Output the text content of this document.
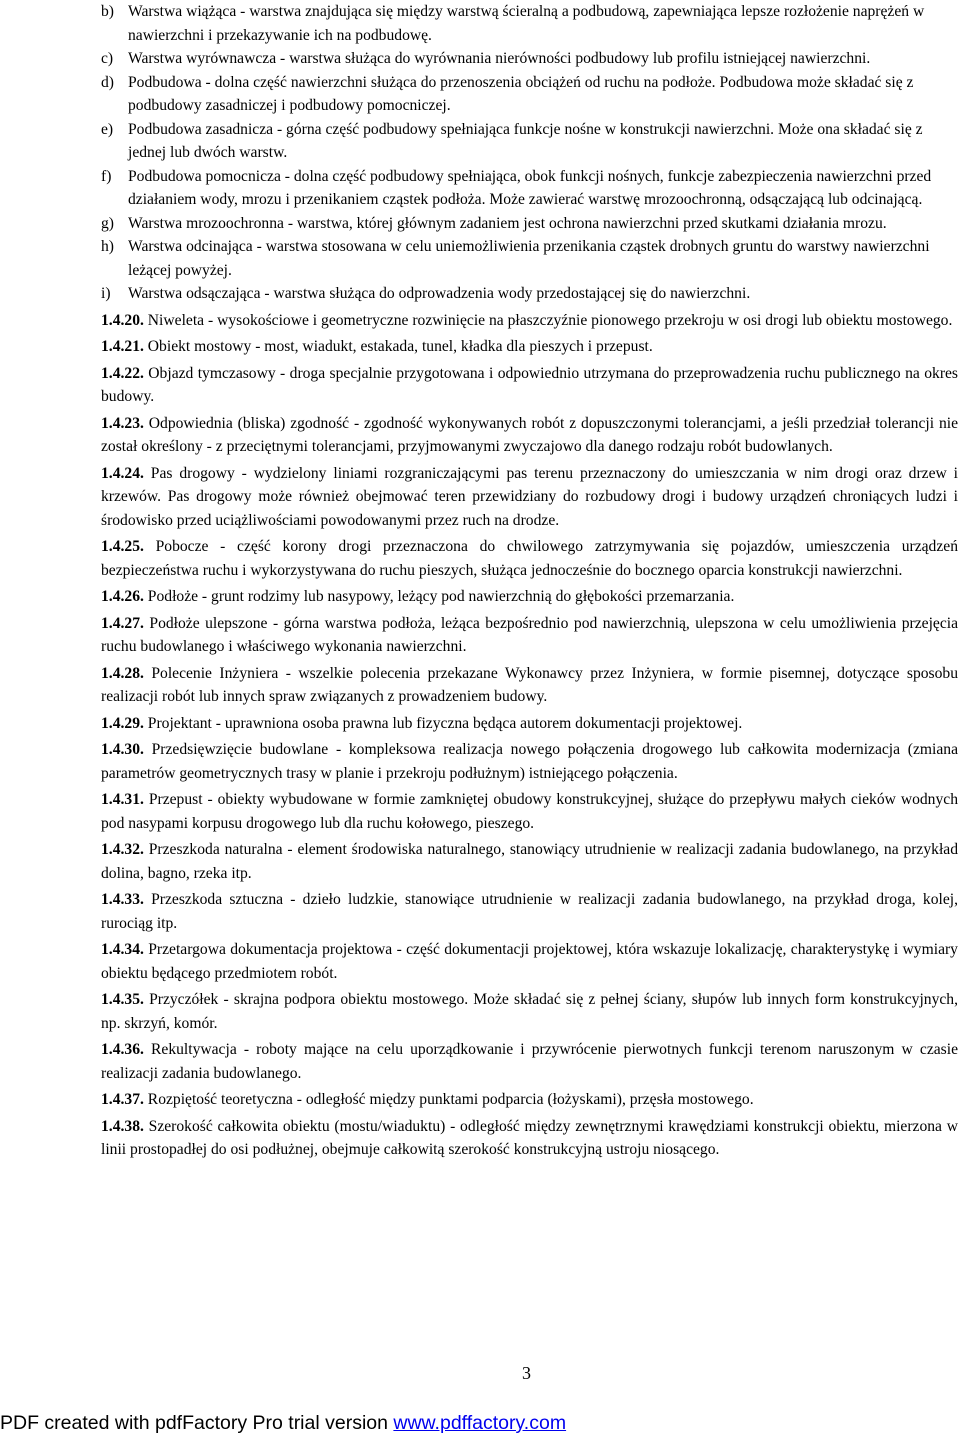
b) Warstwa wiążąca - warstwa znajdująca się między warstwą ścieralną a podbudową, zapewniająca lepsze rozłożenie naprężeń w nawierzchni i przekazywanie ich na podbudowę.
c) Warstwa wyrównawcza - warstwa służąca do wyrównania nierówności podbudowy lub profilu istniejącej nawierzchni.
d) Podbudowa - dolna część nawierzchni służąca do przenoszenia obciążeń od ruchu na podłoże. Podbudowa może składać się z podbudowy zasadniczej i podbudowy pomocniczej.
e) Podbudowa zasadnicza - górna część podbudowy spełniająca funkcje nośne w konstrukcji nawierzchni. Może ona składać się z jednej lub dwóch warstw.
f)	Podbudowa pomocnicza - dolna część podbudowy spełniająca, obok funkcji nośnych, funkcje zabezpieczenia nawierzchni przed działaniem wody, mrozu i przenikaniem cząstek podłoża. Może zawierać warstwę mrozoochronną, odsączającą lub odcinającą.
g) Warstwa mrozoochronna - warstwa, której głównym zadaniem jest ochrona nawierzchni przed skutkami działania mrozu.
h) Warstwa odcinająca - warstwa stosowana w celu uniemożliwienia przenikania cząstek drobnych gruntu do warstwy nawierzchni leżącej powyżej.
i)	Warstwa odsączająca - warstwa służąca do odprowadzenia wody przedostającej się do nawierzchni.

1.4.20. Niweleta - wysokościowe i geometryczne rozwinięcie na płaszczyźnie pionowego przekroju w osi drogi lub obiektu mostowego.

1.4.21. Obiekt mostowy - most, wiadukt, estakada, tunel, kładka dla pieszych i przepust.

1.4.22. Objazd tymczasowy - droga specjalnie przygotowana i odpowiednio utrzymana do przeprowadzenia ruchu publicznego na okres budowy.

1.4.23. Odpowiednia (bliska) zgodność - zgodność wykonywanych robót z dopuszczonymi tolerancjami, a jeśli przedział tolerancji nie został określony - z przeciętnymi tolerancjami, przyjmowanymi zwyczajowo dla danego rodzaju robót budowlanych.

1.4.24. Pas drogowy - wydzielony liniami rozgraniczającymi pas terenu przeznaczony do umieszczania w nim drogi oraz drzew i krzewów. Pas drogowy może również obejmować teren przewidziany do rozbudowy drogi i budowy urządzeń chroniących ludzi i środowisko przed uciążliwościami powodowanymi przez ruch na drodze.

1.4.25. Pobocze - część korony drogi przeznaczona do chwilowego zatrzymywania się pojazdów, umieszczenia urządzeń bezpieczeństwa ruchu i wykorzystywana do ruchu pieszych, służąca jednocześnie do bocznego oparcia konstrukcji nawierzchni.

1.4.26. Podłoże - grunt rodzimy lub nasypowy, leżący pod nawierzchnią do głębokości przemarzania.

1.4.27. Podłoże ulepszone - górna warstwa podłoża, leżąca bezpośrednio pod nawierzchnią, ulepszona w celu umożliwienia przejęcia ruchu budowlanego i właściwego wykonania nawierzchni.

1.4.28. Polecenie Inżyniera - wszelkie polecenia przekazane Wykonawcy przez Inżyniera, w formie pisemnej, dotyczące sposobu realizacji robót lub innych spraw związanych z prowadzeniem budowy.

1.4.29. Projektant - uprawniona osoba prawna lub fizyczna będąca autorem dokumentacji projektowej.

1.4.30. Przedsięwzięcie budowlane - kompleksowa realizacja nowego połączenia drogowego lub całkowita modernizacja (zmiana parametrów geometrycznych trasy w planie i przekroju podłużnym) istniejącego połączenia.

1.4.31. Przepust - obiekty wybudowane w formie zamkniętej obudowy konstrukcyjnej, służące do przepływu małych cieków wodnych pod nasypami korpusu drogowego lub dla ruchu kołowego, pieszego.

1.4.32. Przeszkoda naturalna - element środowiska naturalnego, stanowiący utrudnienie w realizacji zadania budowlanego, na przykład dolina, bagno, rzeka itp.

1.4.33. Przeszkoda sztuczna - dzieło ludzkie, stanowiące utrudnienie w realizacji zadania budowlanego, na przykład droga, kolej, rurociąg itp.

1.4.34. Przetargowa dokumentacja projektowa - część dokumentacji projektowej, która wskazuje lokalizację, charakterystykę i wymiary obiektu będącego przedmiotem robót.

1.4.35. Przyczółek - skrajna podpora obiektu mostowego. Może składać się z pełnej ściany, słupów lub innych form konstrukcyjnych, np. skrzyń, komór.

1.4.36. Rekultywacja - roboty mające na celu uporządkowanie i przywrócenie pierwotnych funkcji terenom naruszonym w czasie realizacji zadania budowlanego.

1.4.37. Rozpiętość teoretyczna - odległość między punktami podparcia (łożyskami), przęsła mostowego.

1.4.38. Szerokość całkowita obiektu (mostu/wiaduktu) - odległość między zewnętrznymi krawędziami konstrukcji obiektu, mierzona w linii prostopadłej do osi podłużnej, obejmuje całkowitą szerokość konstrukcyjną ustroju niosącego.

3
PDF created with pdfFactory Pro trial version www.pdffactory.com
